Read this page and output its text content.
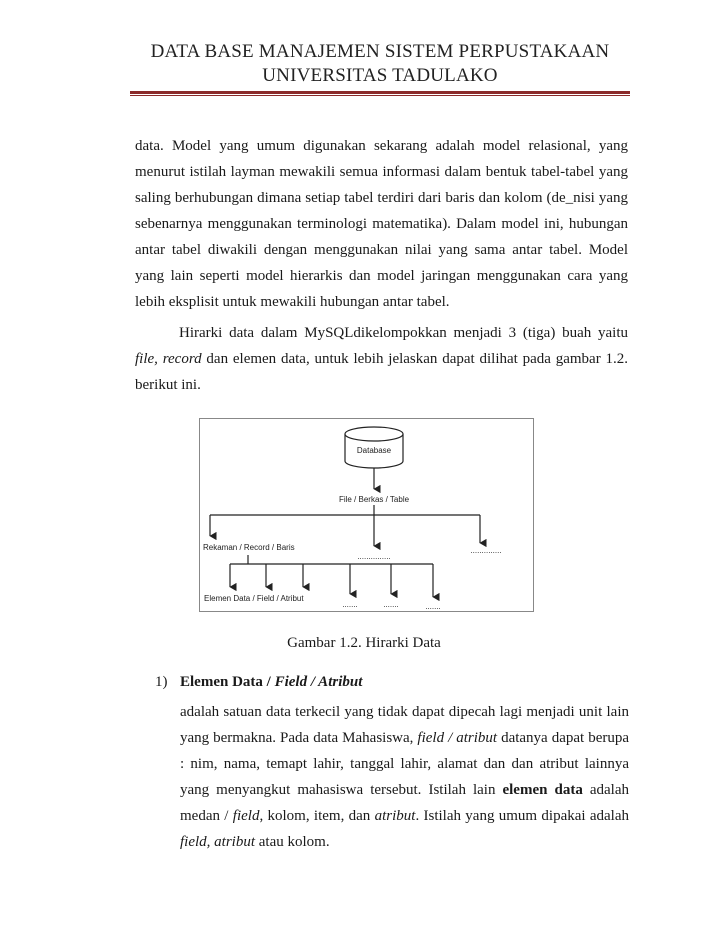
DATA BASE MANAJEMEN SISTEM PERPUSTAKAAN
UNIVERSITAS TADULAKO

data. Model yang umum digunakan sekarang adalah model relasional, yang menurut istilah layman mewakili semua informasi dalam bentuk tabel-tabel yang saling berhubungan dimana setiap tabel terdiri dari baris dan kolom (de_nisi yang sebenarnya menggunakan terminologi matematika). Dalam model ini, hubungan antar tabel diwakili dengan menggunakan nilai yang sama antar tabel. Model yang lain seperti model hierarkis dan model jaringan menggunakan cara yang lebih eksplisit untuk mewakili hubungan antar tabel.

Hirarki data dalam MySQLdikelompokkan menjadi 3 (tiga) buah yaitu file, record dan elemen data, untuk lebih jelaskan dapat dilihat pada gambar 1.2. berikut ini.

Database
File / Berkas / Table
Rekaman / Record / Baris
...............
..............
Elemen Data / Field / Atribut
.......	.......	.......
Gambar 1.2. Hirarki Data
1) Elemen Data / Field / Atribut

adalah satuan data terkecil yang tidak dapat dipecah lagi menjadi unit lain yang bermakna. Pada data Mahasiswa, field / atribut datanya dapat berupa : nim, nama, temapt lahir, tanggal lahir, alamat dan dan atribut lainnya yang menyangkut mahasiswa tersebut. Istilah lain elemen data adalah medan / field, kolom, item, dan atribut. Istilah yang umum dipakai adalah field, atribut atau kolom.
